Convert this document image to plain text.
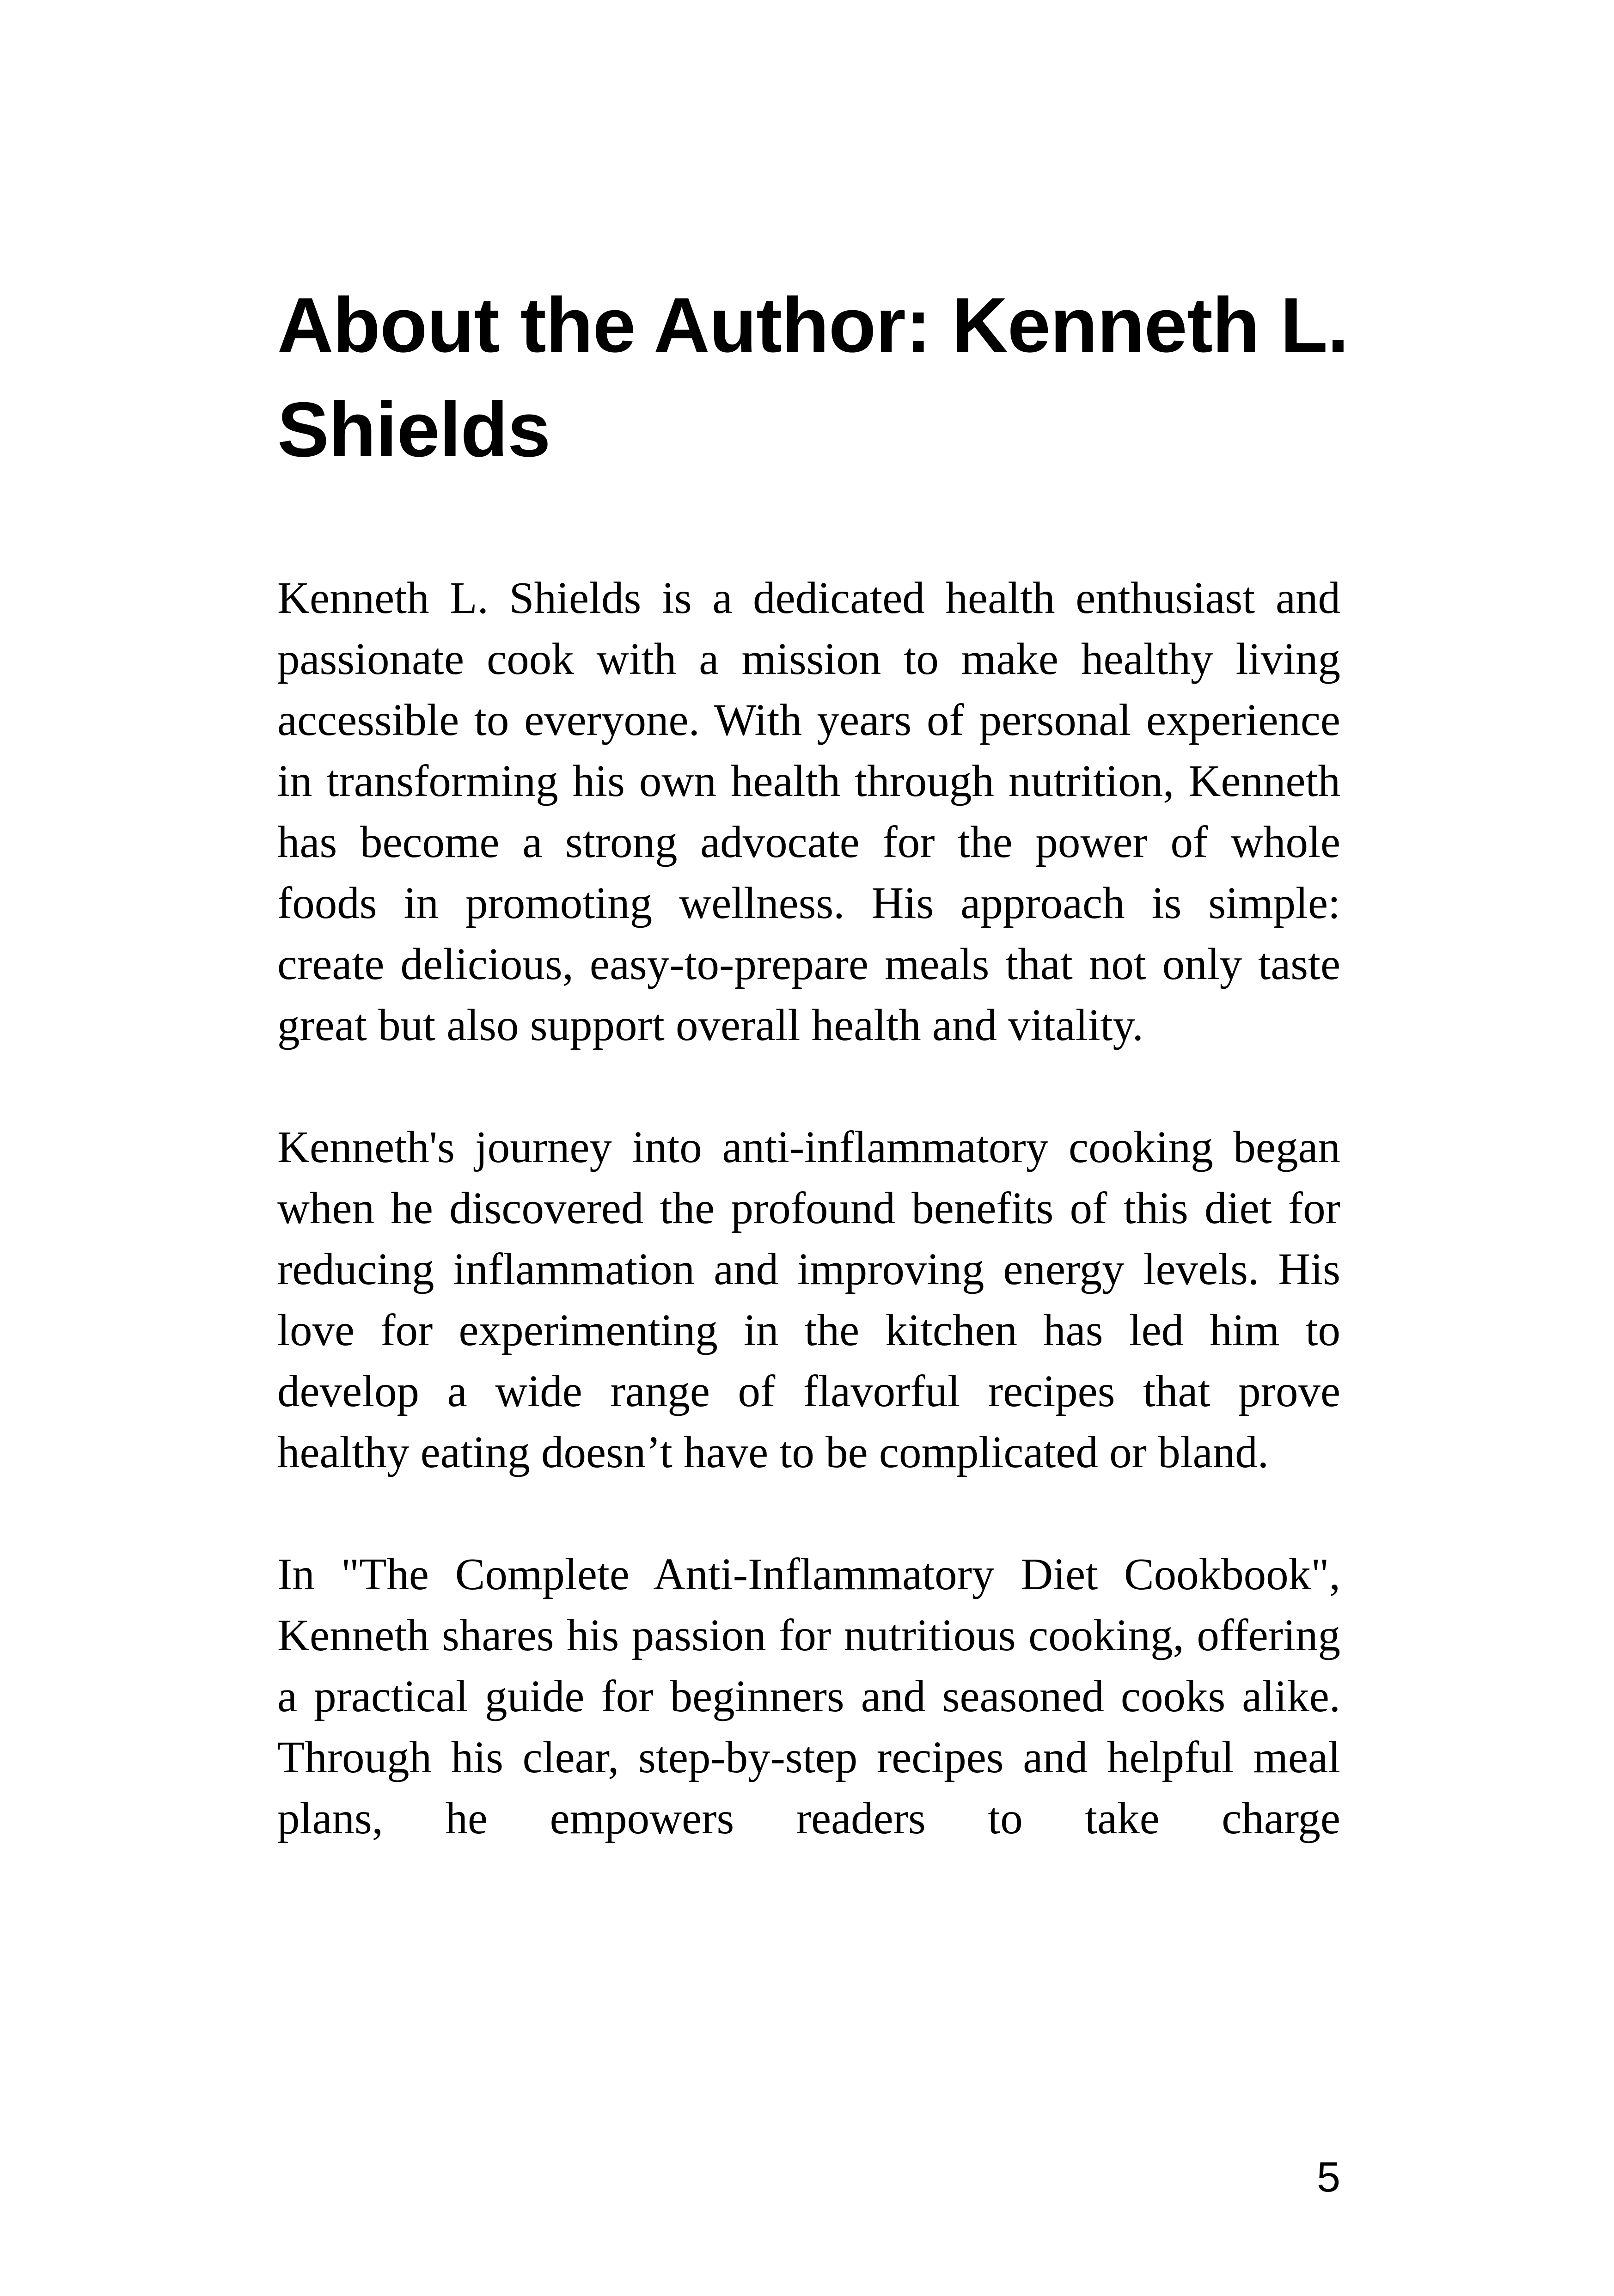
About the Author: Kenneth L. Shields

Kenneth L. Shields is a dedicated health enthusiast and passionate cook with a mission to make healthy living accessible to everyone. With years of personal experience in transforming his own health through nutrition, Kenneth has become a strong advocate for the power of whole foods in promoting wellness. His approach is simple: create delicious, easy-to-prepare meals that not only taste great but also support overall health and vitality.

Kenneth's journey into anti-inflammatory cooking began when he discovered the profound benefits of this diet for reducing inflammation and improving energy levels. His love for experimenting in the kitchen has led him to develop a wide range of flavorful recipes that prove healthy eating doesn’t have to be complicated or bland.

In "The Complete Anti-Inflammatory Diet Cookbook", Kenneth shares his passion for nutritious cooking, offering a practical guide for beginners and seasoned cooks alike. Through his clear, step-by-step recipes and helpful meal plans, he empowers readers to take charge

5
